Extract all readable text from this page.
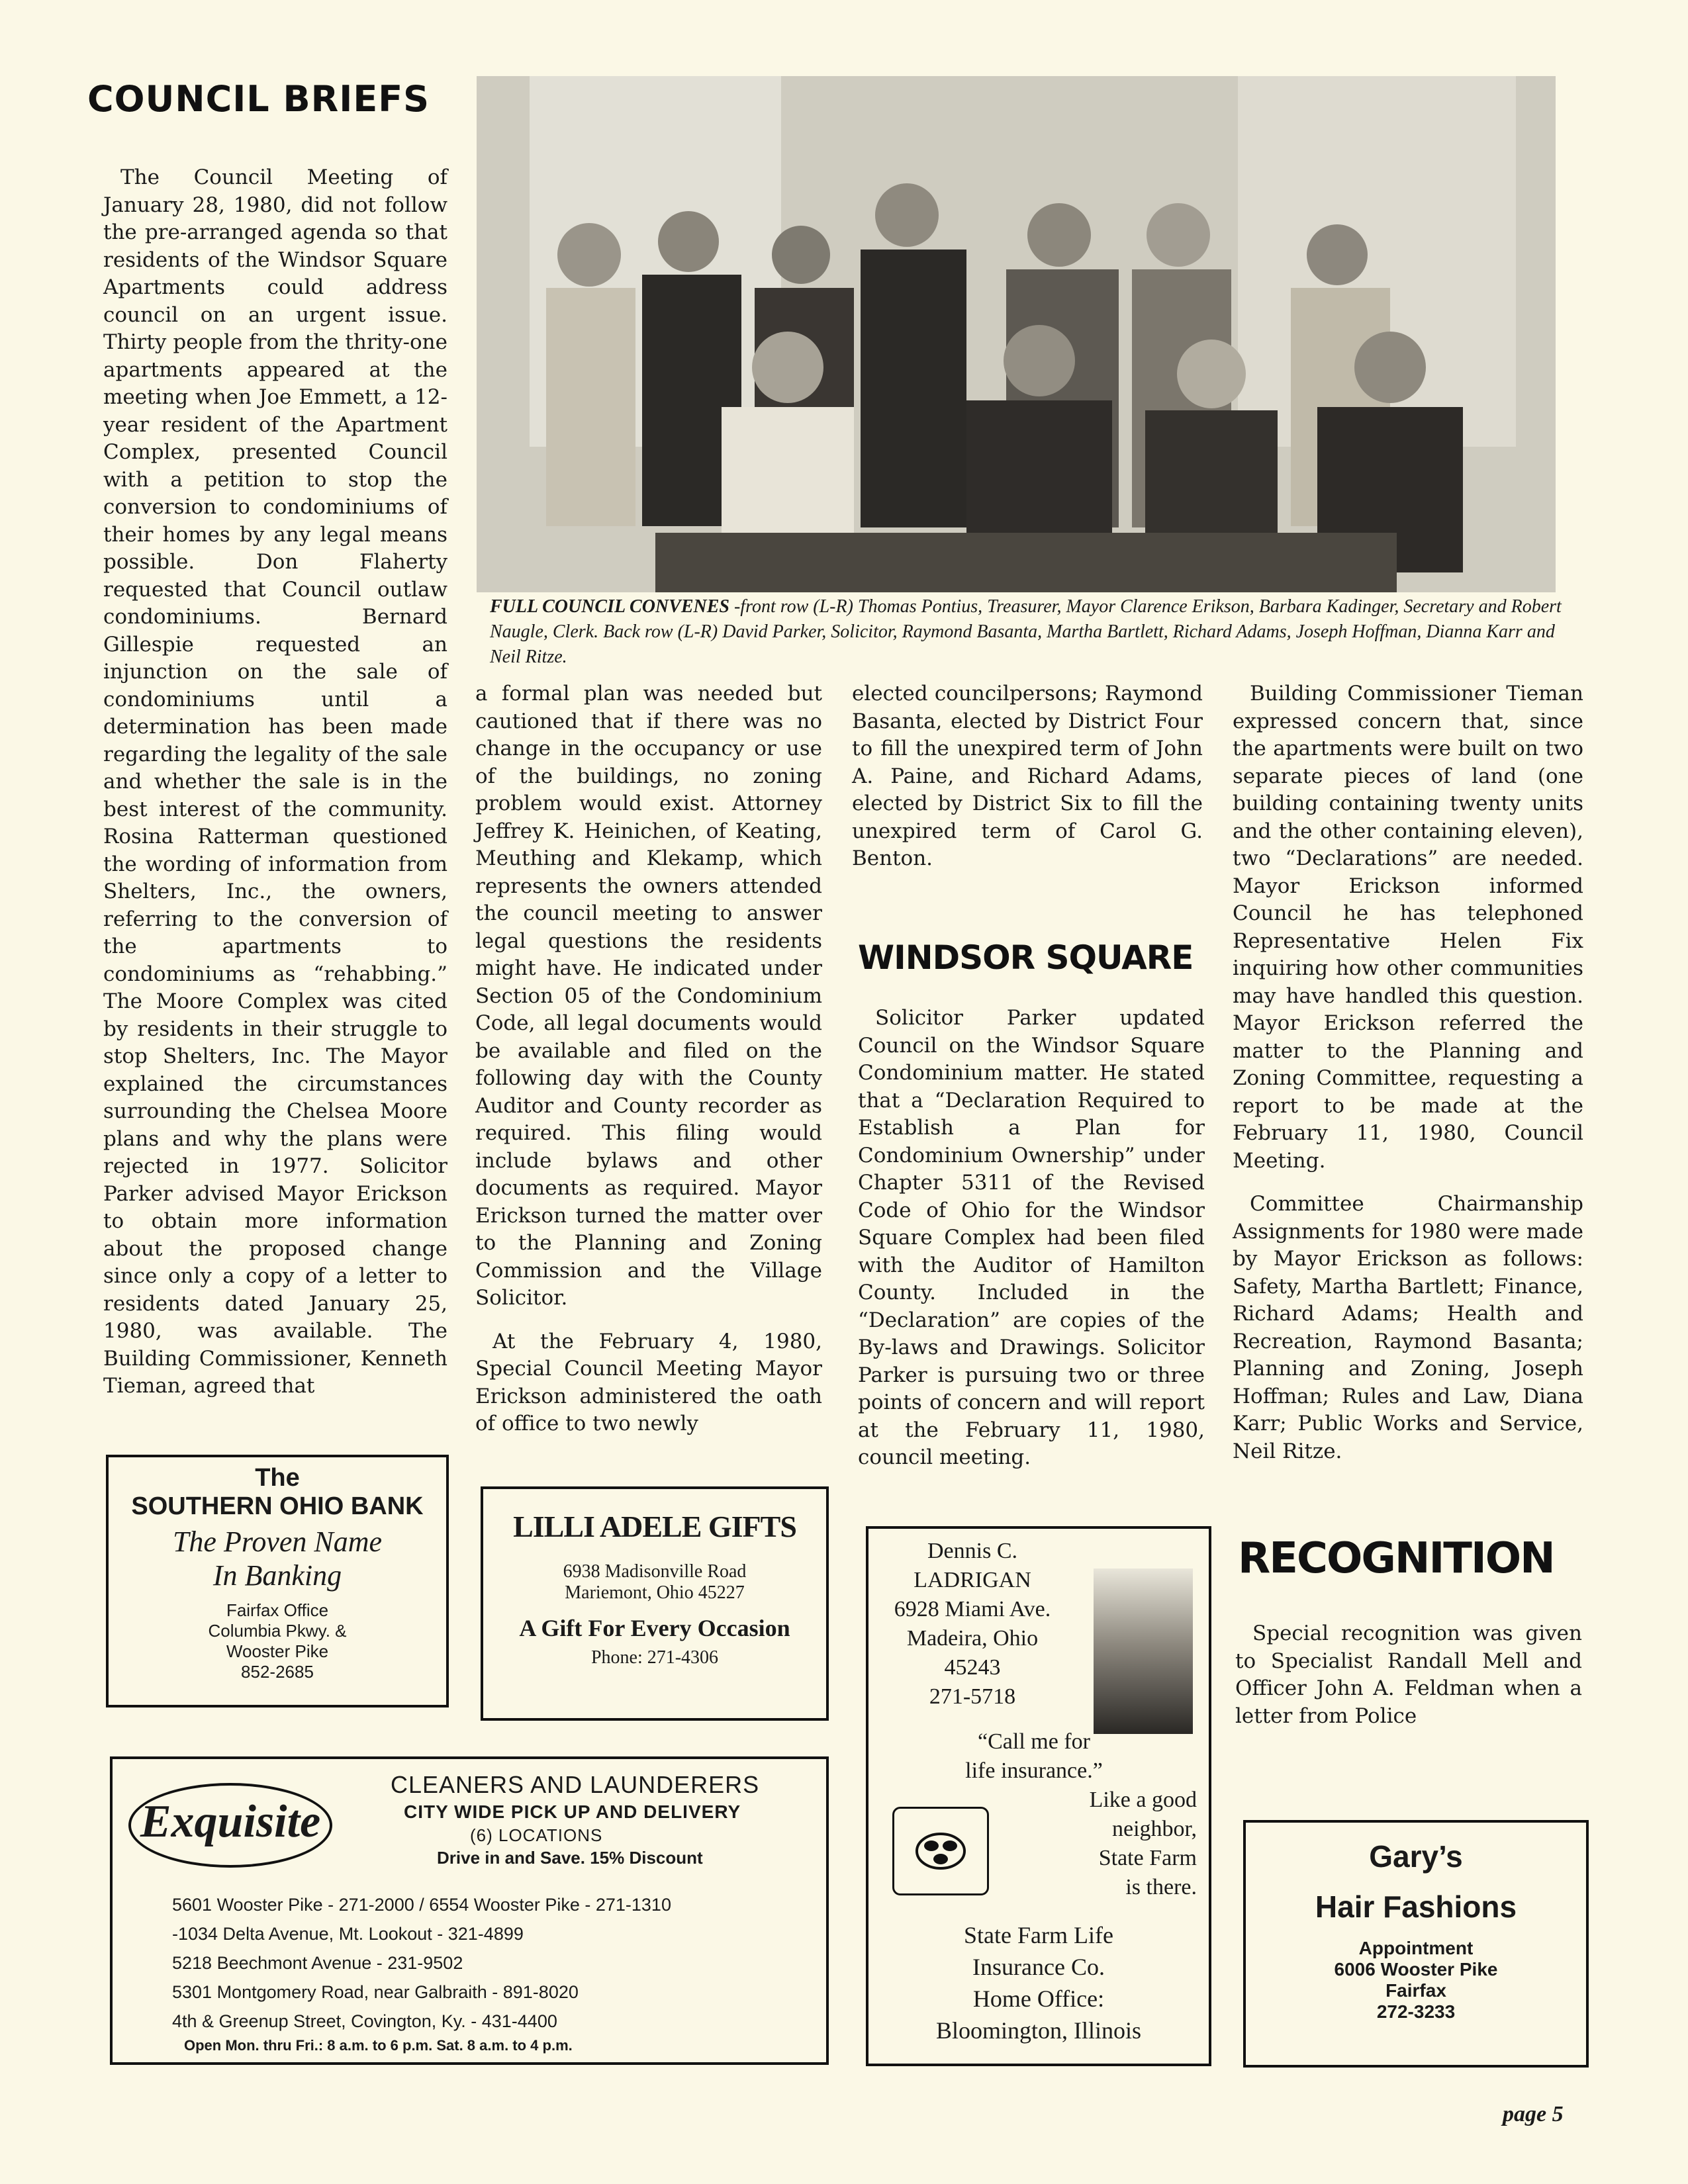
COUNCIL BRIEFS
FULL COUNCIL CONVENES -front row (L-R) Thomas Pontius, Treasurer, Mayor Clarence Erikson, Barbara Kadinger, Secretary and Robert Naugle, Clerk. Back row (L-R) David Parker, Solicitor, Raymond Basanta, Martha Bartlett, Richard Adams, Joseph Hoffman, Dianna Karr and Neil Ritze.

The Council Meeting of January 28, 1980, did not follow the pre-arranged agenda so that residents of the Windsor Square Apartments could address council on an urgent issue. Thirty people from the thrity-one apartments appeared at the meeting when Joe Emmett, a 12-year resident of the Apartment Complex, presented Council with a petition to stop the conversion to condominiums of their homes by any legal means possible. Don Flaherty requested that Council outlaw condominiums. Bernard Gillespie requested an injunction on the sale of condominiums until a determination has been made regarding the legality of the sale and whether the sale is in the best interest of the community. Rosina Ratterman questioned the wording of information from Shelters, Inc., the owners, referring to the conversion of the apartments to condominiums as “rehabbing.” The Moore Complex was cited by residents in their struggle to stop Shelters, Inc. The Mayor explained the circumstances surrounding the Chelsea Moore plans and why the plans were rejected in 1977. Solicitor Parker advised Mayor Erickson to obtain more information about the proposed change since only a copy of a letter to residents dated January 25, 1980, was available. The Building Commissioner, Kenneth Tieman, agreed that

a formal plan was needed but cautioned that if there was no change in the occupancy or use of the buildings, no zoning problem would exist. Attorney Jeffrey K. Heinichen, of Keating, Meuthing and Klekamp, which represents the owners attended the council meeting to answer legal questions the residents might have. He indicated under Section 05 of the Condominium Code, all legal documents would be available and filed on the following day with the County Auditor and County recorder as required. This filing would include bylaws and other documents as required. Mayor Erickson turned the matter over to the Planning and Zoning Commission and the Village Solicitor.

At the February 4, 1980, Special Council Meeting Mayor Erickson administered the oath of office to two newly

elected councilpersons; Raymond Basanta, elected by District Four to fill the unexpired term of John A. Paine, and Richard Adams, elected by District Six to fill the unexpired term of Carol G. Benton.

WINDSOR SQUARE

Solicitor Parker updated Council on the Windsor Square Condominium matter. He stated that a “Declaration Required to Establish a Plan for Condominium Ownership” under Chapter 5311 of the Revised Code of Ohio for the Windsor Square Complex had been filed with the Auditor of Hamilton County. Included in the “Declaration” are copies of the By-laws and Drawings. Solicitor Parker is pursuing two or three points of concern and will report at the February 11, 1980, council meeting.

Building Commissioner Tieman expressed concern that, since the apartments were built on two separate pieces of land (one building containing twenty units and the other containing eleven), two “Declarations” are needed. Mayor Erickson informed Council he has telephoned Representative Helen Fix inquiring how other communities may have handled this question. Mayor Erickson referred the matter to the Planning and Zoning Committee, requesting a report to be made at the February 11, 1980, Council Meeting.

Committee Chairmanship Assignments for 1980 were made by Mayor Erickson as follows: Safety, Martha Bartlett; Finance, Richard Adams; Health and Recreation, Raymond Basanta; Planning and Zoning, Joseph Hoffman; Rules and Law, Diana Karr; Public Works and Service, Neil Ritze.

RECOGNITION

Special recognition was given to Specialist Randall Mell and Officer John A. Feldman when a letter from Police

The
SOUTHERN OHIO BANK
The Proven Name
In Banking
Fairfax Office
Columbia Pkwy. &
Wooster Pike
852-2685
LILLI ADELE GIFTS
6938 Madisonville Road
Mariemont, Ohio 45227
A Gift For Every Occasion
Phone: 271-4306
Exquisite
CLEANERS AND LAUNDERERS
CITY WIDE PICK UP AND DELIVERY
(6) LOCATIONS
Drive in and Save. 15% Discount
5601 Wooster Pike - 271-2000 / 6554 Wooster Pike - 271-1310
-1034 Delta Avenue, Mt. Lookout - 321-4899
5218 Beechmont Avenue - 231-9502
5301 Montgomery Road, near Galbraith - 891-8020
4th & Greenup Street, Covington, Ky. - 431-4400
Open Mon. thru Fri.: 8 a.m. to 6 p.m. Sat. 8 a.m. to 4 p.m.
Dennis C.
LADRIGAN
6928 Miami Ave.
Madeira, Ohio
45243
271-5718
“Call me for
life insurance.”
Like a good
neighbor,
State Farm
is there.
State Farm Life
Insurance Co.
Home Office:
Bloomington, Illinois
Gary’s
Hair Fashions
Appointment
6006 Wooster Pike
Fairfax
272-3233
page 5
